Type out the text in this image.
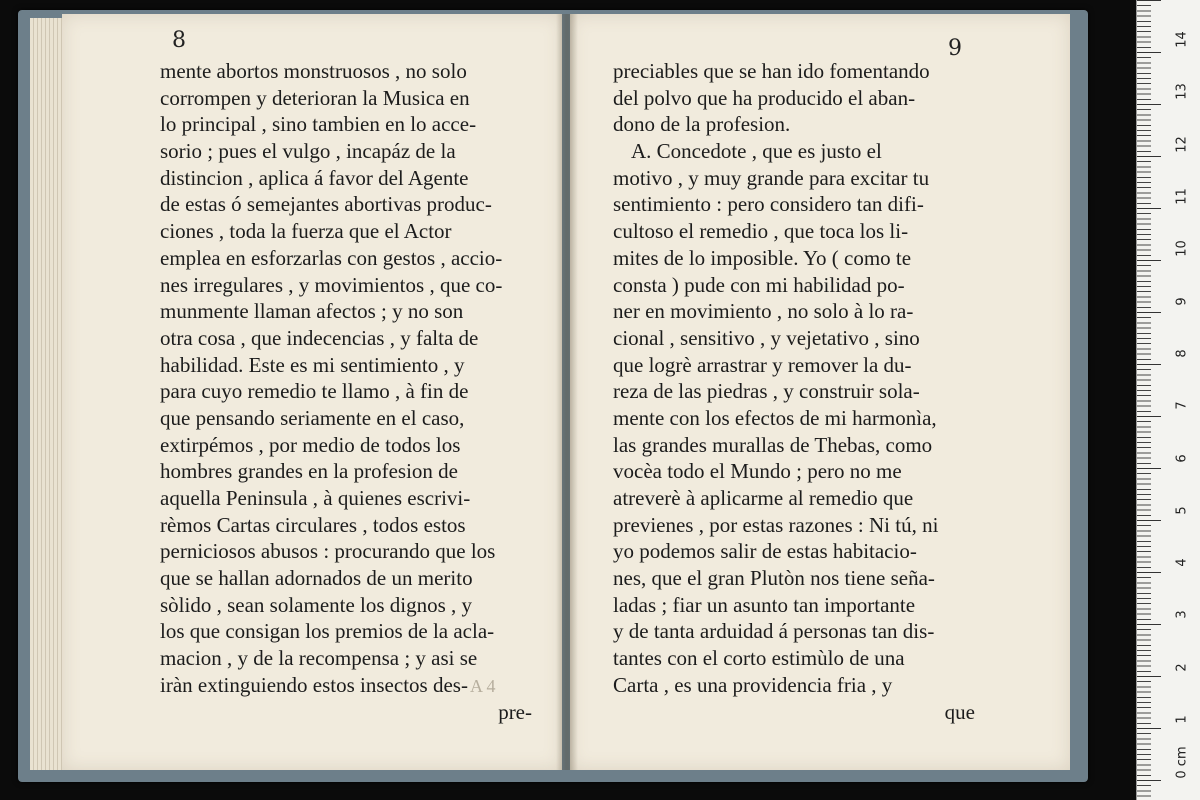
8	9
mente abortos monstruosos , no solo
corrompen y deterioran la Musica en
lo principal , sino tambien en lo acce-
sorio ; pues el vulgo , incapáz de la
distincion , aplica á favor del Agente
de estas ó semejantes abortivas produc-
ciones , toda la fuerza que el Actor
emplea en esforzarlas con gestos , accio-
nes irregulares , y movimientos , que co-
munmente llaman afectos ; y no son
otra cosa , que indecencias , y falta de
habilidad. Este es mi sentimiento , y
para cuyo remedio te llamo , à fin de
que pensando seriamente en el caso,
extirpémos , por medio de todos los
hombres grandes en la profesion de
aquella Peninsula , à quienes escrivi-
rèmos Cartas circulares , todos estos
perniciosos abusos : procurando que los
que se hallan adornados de un merito
sòlido , sean solamente los dignos , y
los que consigan los premios de la acla-
macion , y de la recompensa ; y asi se
iràn extinguiendo estos insectos des-
pre-
preciables que se han ido fomentando
del polvo que ha producido el aban-
dono de la profesion.
A. Concedote , que es justo el
motivo , y muy grande para excitar tu
sentimiento : pero considero tan difi-
cultoso el remedio , que toca los li-
mites de lo imposible. Yo ( como te
consta ) pude con mi habilidad po-
ner en movimiento , no solo à lo ra-
cional , sensitivo , y vejetativo , sino
que logrè arrastrar y remover la du-
reza de las piedras , y construir sola-
mente con los efectos de mi harmonìa,
las grandes murallas de Thebas, como
vocèa todo el Mundo ; pero no me
atreverè à aplicarme al remedio que
previenes , por estas razones : Ni tú, ni
yo podemos salir de estas habitacio-
nes, que el gran Plutòn nos tiene seña-
ladas ; fiar un asunto tan importante
y de tanta arduidad á personas tan dis-
tantes con el corto estimùlo de una
Carta , es una providencia fria , y
que
A 4
0 cm
1
2
3
4
5
6
7
8
9
10
11
12
13
14
